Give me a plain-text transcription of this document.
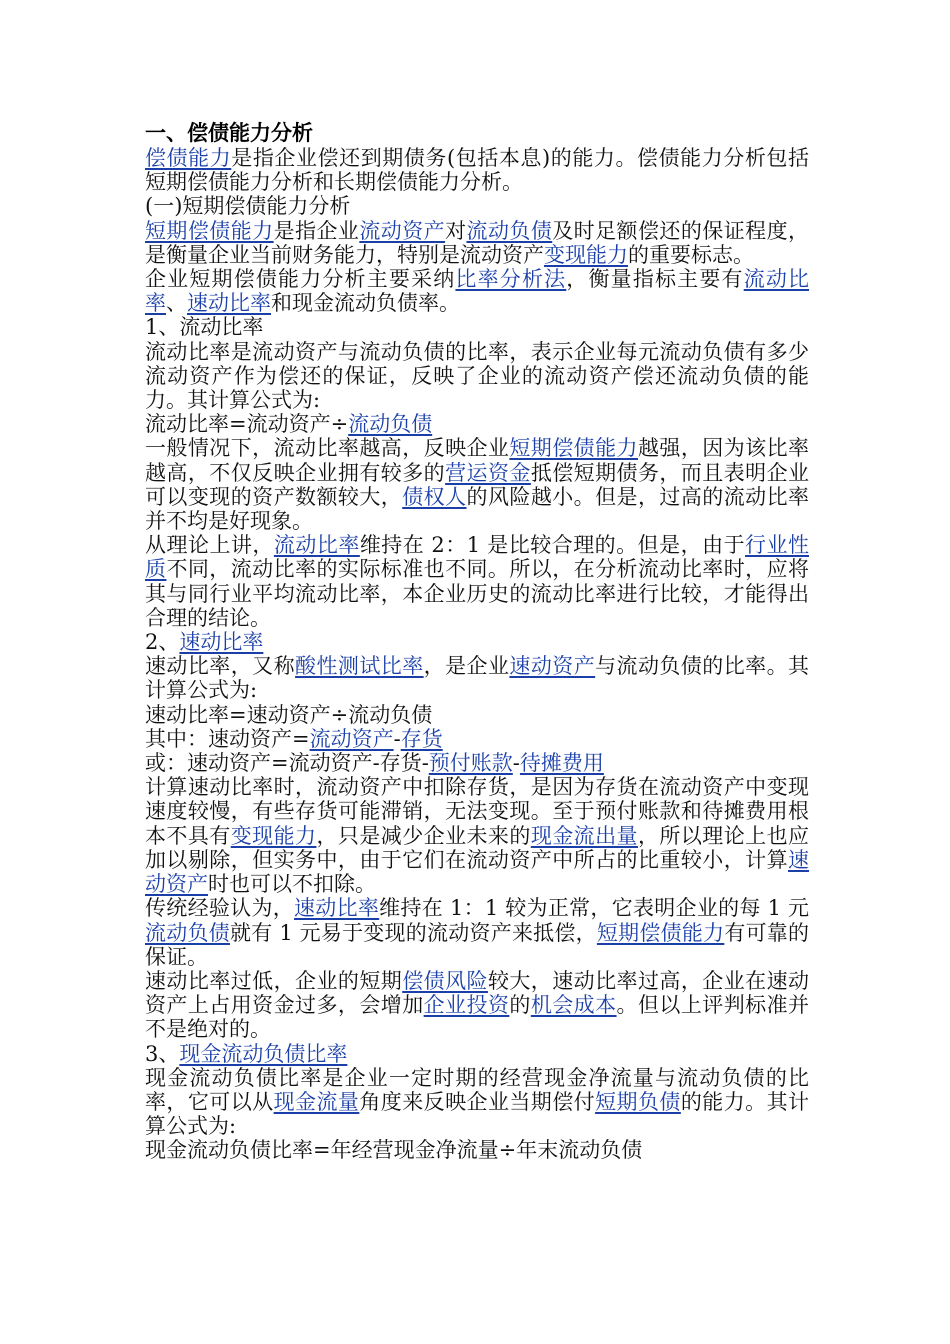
一、偿债能力分析

偿债能力是指企业偿还到期债务(包括本息)的能力。偿债能力分析包括短期偿债能力分析和长期偿债能力分析。

(一)短期偿债能力分析

短期偿债能力是指企业流动资产对流动负债及时足额偿还的保证程度，是衡量企业当前财务能力，特别是流动资产变现能力的重要标志。

企业短期偿债能力分析主要采纳比率分析法，衡量指标主要有流动比率、速动比率和现金流动负债率。

1、流动比率

流动比率是流动资产与流动负债的比率，表示企业每元流动负债有多少流动资产作为偿还的保证，反映了企业的流动资产偿还流动负债的能力。其计算公式为:

流动比率=流动资产÷流动负债

一般情况下，流动比率越高，反映企业短期偿债能力越强，因为该比率越高，不仅反映企业拥有较多的营运资金抵偿短期债务，而且表明企业可以变现的资产数额较大，债权人的风险越小。但是，过高的流动比率并不均是好现象。

从理论上讲，流动比率维持在 2：1 是比较合理的。但是，由于行业性质不同，流动比率的实际标准也不同。所以，在分析流动比率时，应将其与同行业平均流动比率，本企业历史的流动比率进行比较，才能得出合理的结论。

2、速动比率

速动比率，又称酸性测试比率，是企业速动资产与流动负债的比率。其计算公式为:

速动比率=速动资产÷流动负债

其中：速动资产=流动资产-存货

或：速动资产=流动资产-存货-预付账款-待摊费用

计算速动比率时，流动资产中扣除存货，是因为存货在流动资产中变现速度较慢，有些存货可能滞销，无法变现。至于预付账款和待摊费用根本不具有变现能力，只是减少企业未来的现金流出量，所以理论上也应加以剔除，但实务中，由于它们在流动资产中所占的比重较小，计算速动资产时也可以不扣除。

传统经验认为，速动比率维持在 1：1 较为正常，它表明企业的每 1 元流动负债就有 1 元易于变现的流动资产来抵偿，短期偿债能力有可靠的保证。

速动比率过低，企业的短期偿债风险较大，速动比率过高，企业在速动资产上占用资金过多，会增加企业投资的机会成本。但以上评判标准并不是绝对的。

3、现金流动负债比率

现金流动负债比率是企业一定时期的经营现金净流量与流动负债的比率，它可以从现金流量角度来反映企业当期偿付短期负债的能力。其计算公式为:

现金流动负债比率=年经营现金净流量÷年末流动负债
